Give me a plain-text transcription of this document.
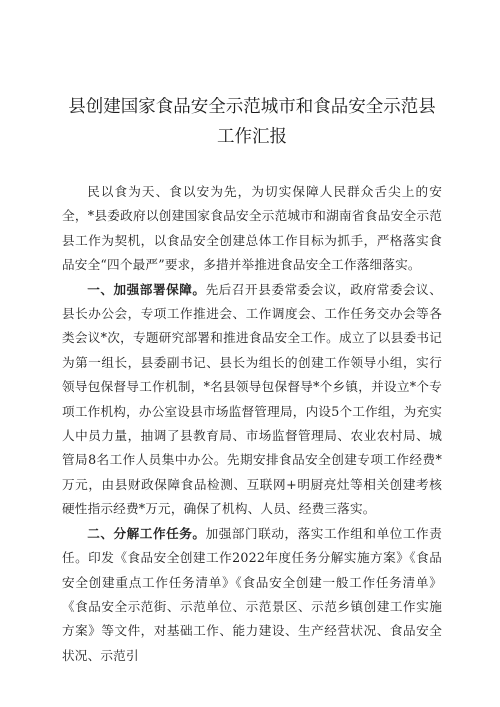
县创建国家食品安全示范城市和食品安全示范县工作汇报

民以食为天、食以安为先，为切实保障人民群众舌尖上的安全，*县委政府以创建国家食品安全示范城市和湖南省食品安全示范县工作为契机，以食品安全创建总体工作目标为抓手，严格落实食品安全“四个最严”要求，多措并举推进食品安全工作落细落实。

一、加强部署保障。先后召开县委常委会议，政府常委会议、县长办公会，专项工作推进会、工作调度会、工作任务交办会等各类会议*次，专题研究部署和推进食品安全工作。成立了以县委书记为第一组长，县委副书记、县长为组长的创建工作领导小组，实行领导包保督导工作机制，*名县领导包保督导*个乡镇，并设立*个专项工作机构，办公室设县市场监督管理局，内设5个工作组，为充实人中员力量，抽调了县教育局、市场监督管理局、农业农村局、城管局8名工作人员集中办公。先期安排食品安全创建专项工作经费*万元，由县财政保障食品检测、互联网+明厨亮灶等相关创建考核硬性指示经费*万元，确保了机构、人员、经费三落实。

二、分解工作任务。加强部门联动，落实工作组和单位工作责任。印发《食品安全创建工作2022年度任务分解实施方案》《食品安全创建重点工作任务清单》《食品安全创建一般工作任务清单》《食品安全示范街、示范单位、示范景区、示范乡镇创建工作实施方案》等文件，对基础工作、能力建设、生产经营状况、食品安全状况、示范引
